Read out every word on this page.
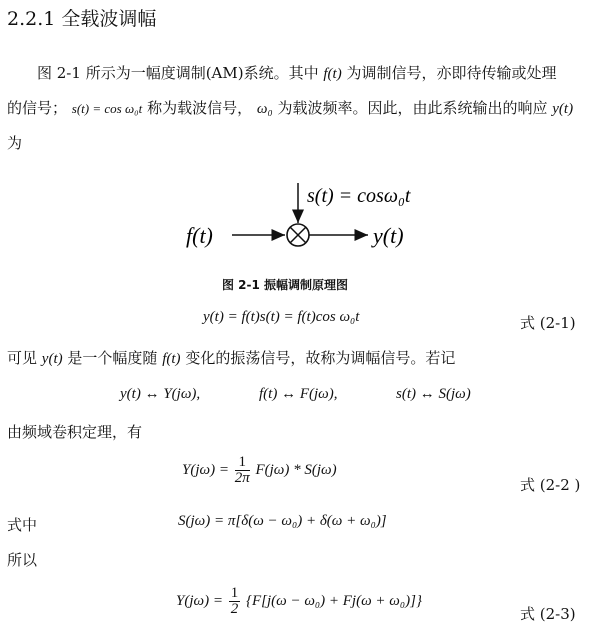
2.2.1 全载波调幅
图 2-1 所示为一幅度调制(AM)系统。其中 f(t) 为调制信号，亦即待传输或处理
的信号； s(t) = cos ω₀t 称为载波信号， ω₀ 为载波频率。因此，由此系统输出的响应 y(t)
为
f(t)
s(t) = cosω₀t
y(t)
图 2-1 振幅调制原理图
y(t) = f(t)s(t) = f(t)cos ω₀t	式 (2-1)
可见 y(t) 是一个幅度随 f(t) 变化的振荡信号，故称为调幅信号。若记
y(t) ↔ Y(jω),	f(t) ↔ F(jω),	s(t) ↔ S(jω)
由频域卷积定理，有
$Y(j\omega) = \frac{1}{2\pi} F(j\omega) * S(j\omega)$
式 (2-2 )
式中	S(jω) = π[δ(ω − ω₀) + δ(ω + ω₀)]
所以
$Y(j\omega) = \frac{1}{2} \{F[j(\omega - \omega_0) + Fj(\omega + \omega_0)]\}$
式 (2-3)
